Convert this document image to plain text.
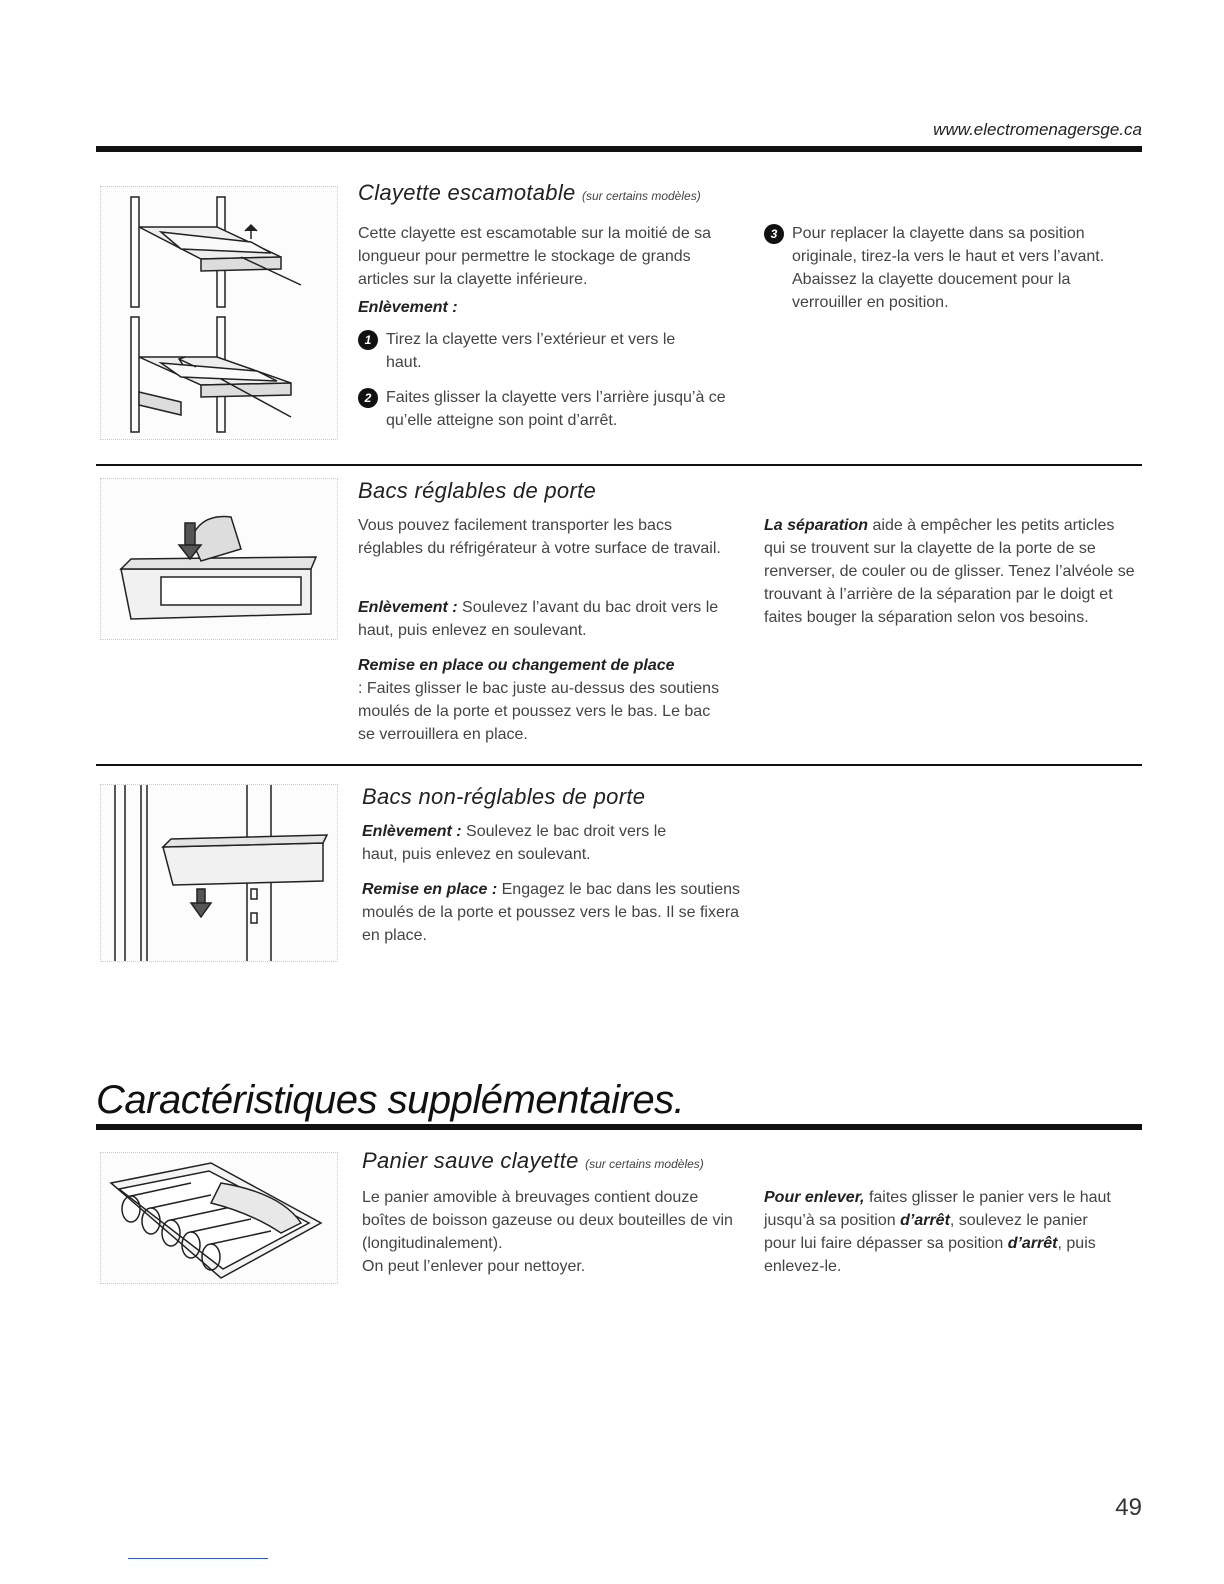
www.electromenagersge.ca
Clayette escamotable (sur certains modèles)

Cette clayette est escamotable sur la moitié de sa longueur pour permettre le stockage de grands articles sur la clayette inférieure.

Enlèvement :

1 Tirez la clayette vers l’extérieur et vers le haut.
2 Faites glisser la clayette vers l’arrière jusqu’à ce qu’elle atteigne son point d’arrêt.
3 Pour replacer la clayette dans sa position originale, tirez-la vers le haut et vers l’avant. Abaissez la clayette doucement pour la verrouiller en position.
Bacs réglables de porte

Vous pouvez facilement transporter les bacs réglables du réfrigérateur à votre surface de travail.

Enlèvement : Soulevez l’avant du bac droit vers le haut, puis enlevez en soulevant.

Remise en place ou changement de place
: Faites glisser le bac juste au-dessus des soutiens moulés de la porte et poussez vers le bas. Le bac se verrouillera en place.

La séparation aide à empêcher les petits articles qui se trouvent sur la clayette de la porte de se renverser, de couler ou de glisser. Tenez l’alvéole se trouvant à l’arrière de la séparation par le doigt et faites bouger la séparation selon vos besoins.

Bacs non-réglables de porte

Enlèvement : Soulevez le bac droit vers le haut, puis enlevez en soulevant.

Remise en place : Engagez le bac dans les soutiens moulés de la porte et poussez vers le bas. Il se fixera en place.

Caractéristiques supplémentaires.
Panier sauve clayette (sur certains modèles)

Le panier amovible à breuvages contient douze boîtes de boisson gazeuse ou deux bouteilles de vin (longitudinalement).
On peut l’enlever pour nettoyer.

Pour enlever, faites glisser le panier vers le haut jusqu’à sa position d’arrêt, soulevez le panier pour lui faire dépasser sa position d’arrêt, puis enlevez-le.

49
